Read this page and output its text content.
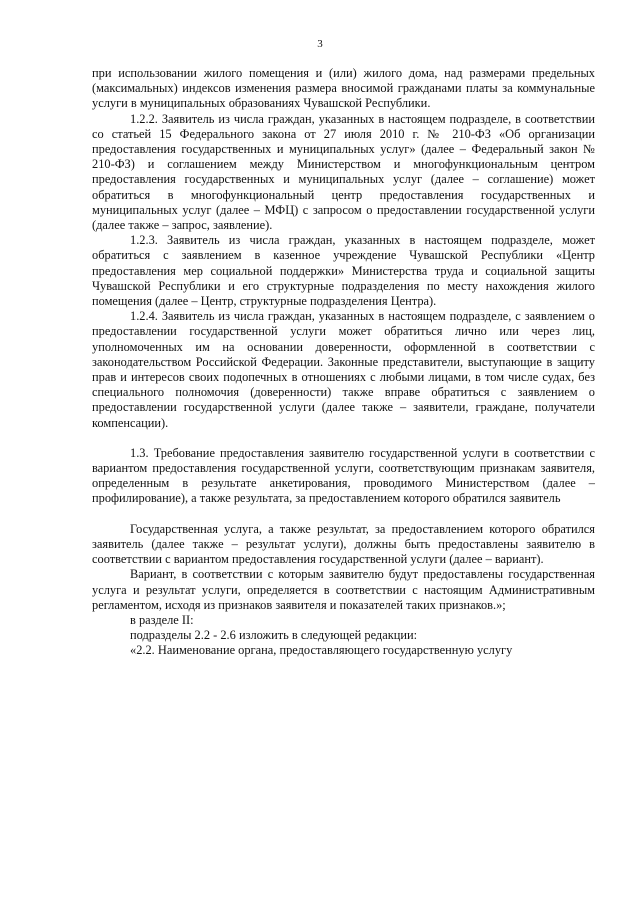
3

при использовании жилого помещения и (или) жилого дома, над размерами предельных (максимальных) индексов изменения размера вносимой гражданами платы за коммунальные услуги в муниципальных образованиях Чувашской Республики.

1.2.2. Заявитель из числа граждан, указанных в настоящем подразделе, в соответствии со статьей 15 Федерального закона от 27 июля 2010 г. № 210-ФЗ «Об организации предоставления государственных и муниципальных услуг» (далее – Федеральный закон № 210-ФЗ) и соглашением между Министерством и многофункциональным центром предоставления государственных и муниципальных услуг (далее – соглашение) может обратиться в многофункциональный центр предоставления государственных и муниципальных услуг (далее – МФЦ) с запросом о предоставлении государственной услуги (далее также – запрос, заявление).

1.2.3. Заявитель из числа граждан, указанных в настоящем подразделе, может обратиться с заявлением в казенное учреждение Чувашской Республики «Центр предоставления мер социальной поддержки» Министерства труда и социальной защиты Чувашской Республики и его структурные подразделения по месту нахождения жилого помещения (далее – Центр, структурные подразделения Центра).

1.2.4. Заявитель из числа граждан, указанных в настоящем подразделе, с заявлением о предоставлении государственной услуги может обратиться лично или через лиц, уполномоченных им на основании доверенности, оформленной в соответствии с законодательством Российской Федерации. Законные представители, выступающие в защиту прав и интересов своих подопечных в отношениях с любыми лицами, в том числе судах, без специального полномочия (доверенности) также вправе обратиться с заявлением о предоставлении государственной услуги (далее также – заявители, граждане, получатели компенсации).

1.3. Требование предоставления заявителю государственной услуги в соответствии с вариантом предоставления государственной услуги, соответствующим признакам заявителя, определенным в результате анкетирования, проводимого Министерством (далее – профилирование), а также результата, за предоставлением которого обратился заявитель

Государственная услуга, а также результат, за предоставлением которого обратился заявитель (далее также – результат услуги), должны быть предоставлены заявителю в соответствии с вариантом предоставления государственной услуги (далее – вариант).

Вариант, в соответствии с которым заявителю будут предоставлены государственная услуга и результат услуги, определяется в соответствии с настоящим Административным регламентом, исходя из признаков заявителя и показателей таких признаков.»;

в разделе II:

подразделы 2.2 - 2.6 изложить в следующей редакции:

«2.2. Наименование органа, предоставляющего государственную услугу
